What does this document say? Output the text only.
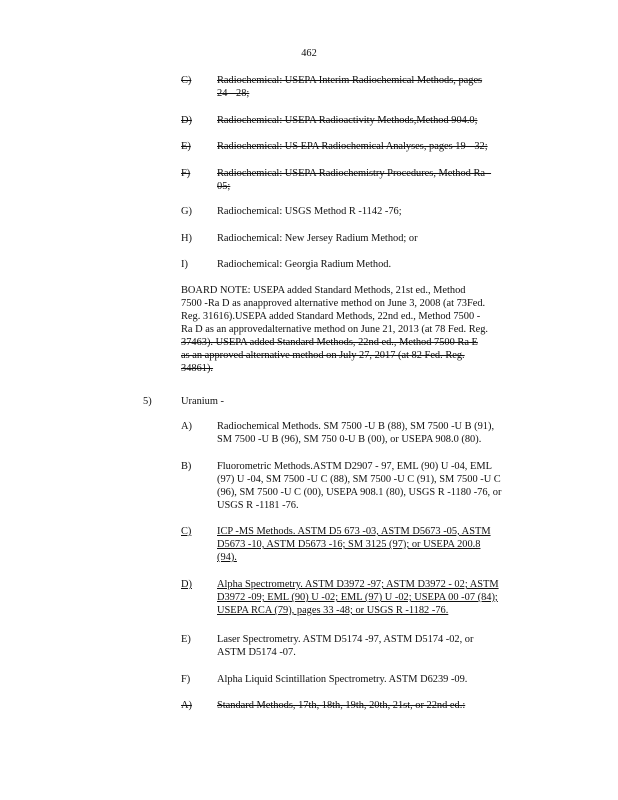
462
C) Radiochemical: USEPA Interim Radiochemical Methods, pages
24 - 28;
D) Radiochemical: USEPA Radioactivity Methods,Method 904.0;
E)	Radiochemical: US EPA Radiochemical Analyses, pages 19 - 32;
F)	Radiochemical: USEPA Radiochemistry Procedures, Method Ra -
05;
G) Radiochemical: USGS Method R -1142 -76;
H) Radiochemical: New Jersey Radium Method; or
I)	Radiochemical: Georgia Radium Method.
BOARD NOTE: USEPA added Standard Methods, 21st ed., Method
7500 -Ra D as anapproved alternative method on June 3, 2008 (at 73Fed.
Reg. 31616).USEPA added Standard Methods, 22nd ed., Method 7500 -
Ra D as an approvedalternative method on June 21, 2013 (at 78 Fed. Reg.
37463). USEPA added Standard Methods, 22nd ed., Method 7500 Ra E
as an approved alternative method on July 27, 2017 (at 82 Fed. Reg.
34861).
A) Radiochemical Methods. SM 7500 -U B (88), SM 7500 -U B (91),
SM 7500 -U B (96), SM 750 0-U B (00), or USEPA 908.0 (80).
B) Fluorometric Methods.ASTM D2907 - 97, EML (90) U -04, EML
(97) U -04, SM 7500 -U C (88), SM 7500 -U C (91), SM 7500 -U C
(96), SM 7500 -U C (00), USEPA 908.1 (80), USGS R -1180 -76, or
USGS R -1181 -76.
C) ICP -MS Methods. ASTM D5 673 -03, ASTM D5673 -05, ASTM
D5673 -10, ASTM D5673 -16; SM 3125 (97); or USEPA 200.8
(94).
D) Alpha Spectrometry. ASTM D3972 -97; ASTM D3972 - 02; ASTM
D3972 -09; EML (90) U -02; EML (97) U -02; USEPA 00 -07 (84);
USEPA RCA (79), pages 33 -48; or USGS R -1182 -76.
E)	Laser Spectrometry. ASTM D5174 -97, ASTM D5174 -02, or
ASTM D5174 -07.
F)	Alpha Liquid Scintillation Spectrometry. ASTM D6239 -09.
A) Standard Methods, 17th, 18th, 19th, 20th, 21st, or 22nd ed.:
5)	Uranium -
